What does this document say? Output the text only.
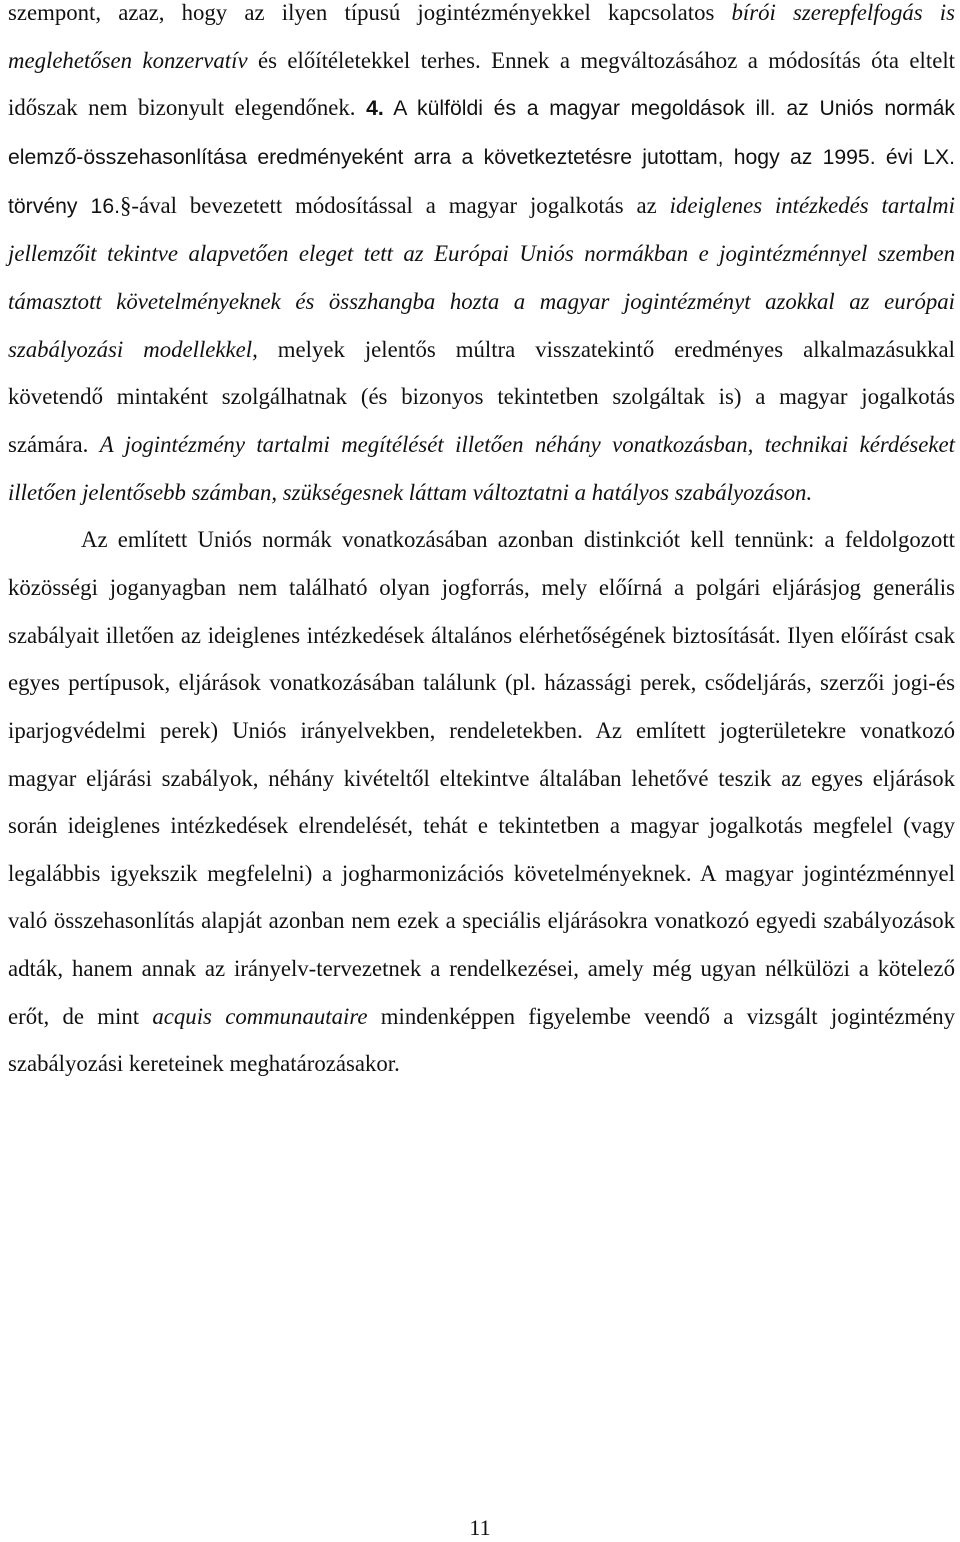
szempont, azaz, hogy az ilyen típusú jogintézményekkel kapcsolatos bírói szerepfelfogás is meglehetősen konzervatív és előítéletekkel terhes. Ennek a megváltozásához a módosítás óta eltelt időszak nem bizonyult elegendőnek. 4. A külföldi és a magyar megoldások ill. az Uniós normák elemző-összehasonlítása eredményeként arra a következtetésre jutottam, hogy az 1995. évi LX. törvény 16.§-ával bevezetett módosítással a magyar jogalkotás az ideiglenes intézkedés tartalmi jellemzőit tekintve alapvetően eleget tett az Európai Uniós normákban e jogintézménnyel szemben támasztott követelményeknek és összhangba hozta a magyar jogintézményt azokkal az európai szabályozási modellekkel, melyek jelentős múltra visszatekintő eredményes alkalmazásukkal követendő mintaként szolgálhatnak (és bizonyos tekintetben szolgáltak is) a magyar jogalkotás számára. A jogintézmény tartalmi megítélését illetően néhány vonatkozásban, technikai kérdéseket illetően jelentősebb számban, szükségesnek láttam változtatni a hatályos szabályozáson.

Az említett Uniós normák vonatkozásában azonban distinkciót kell tennünk: a feldolgozott közösségi joganyagban nem található olyan jogforrás, mely előírná a polgári eljárásjog generális szabályait illetően az ideiglenes intézkedések általános elérhetőségének biztosítását. Ilyen előírást csak egyes pertípusok, eljárások vonatkozásában találunk (pl. házassági perek, csődeljárás, szerzői jogi-és iparjogvédelmi perek) Uniós irányelvekben, rendeletekben. Az említett jogterületekre vonatkozó magyar eljárási szabályok, néhány kivételtől eltekintve általában lehetővé teszik az egyes eljárások során ideiglenes intézkedések elrendelését, tehát e tekintetben a magyar jogalkotás megfelel (vagy legalábbis igyekszik megfelelni) a jogharmonizációs követelményeknek. A magyar jogintézménnyel való összehasonlítás alapját azonban nem ezek a speciális eljárásokra vonatkozó egyedi szabályozások adták, hanem annak az irányelv-tervezetnek a rendelkezései, amely még ugyan nélkülözi a kötelező erőt, de mint acquis communautaire mindenképpen figyelembe veendő a vizsgált jogintézmény szabályozási kereteinek meghatározásakor.

11
